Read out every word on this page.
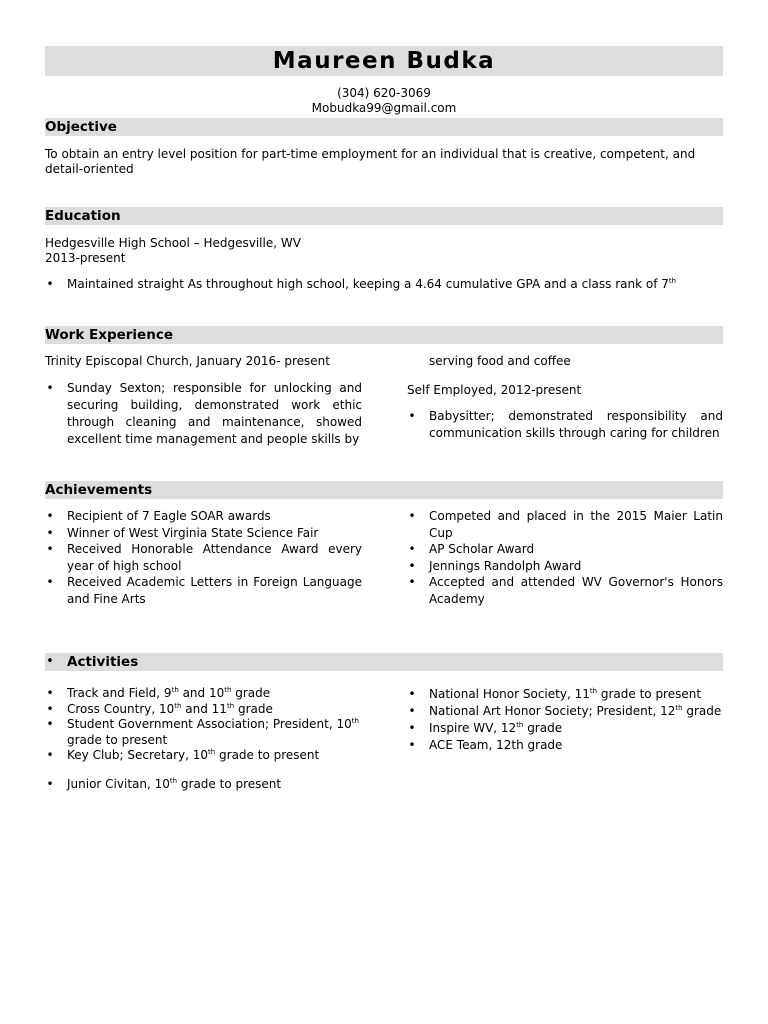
Maureen Budka
(304) 620-3069
Mobudka99@gmail.com
Objective
To obtain an entry level position for part-time employment for an individual that is creative, competent, and detail-oriented
Education
Hedgesville High School – Hedgesville, WV
2013-present
• Maintained straight As throughout high school, keeping a 4.64 cumulative GPA and a class rank of 7th
Work Experience
Trinity Episcopal Church, January 2016- present
• Sunday Sexton; responsible for unlocking and securing building, demonstrated work ethic through cleaning and maintenance, showed excellent time management and people skills by
serving food and coffee
Self Employed, 2012-present
• Babysitter; demonstrated responsibility and communication skills through caring for children
Achievements
• Recipient of 7 Eagle SOAR awards
• Winner of West Virginia State Science Fair
• Received Honorable Attendance Award every year of high school
• Received Academic Letters in Foreign Language and Fine Arts
• Competed and placed in the 2015 Maier Latin Cup
• AP Scholar Award
• Jennings Randolph Award
• Accepted and attended WV Governor's Honors Academy
• Activities
• Track and Field, 9th and 10th grade
• Cross Country, 10th and 11th grade
• Student Government Association; President, 10th grade to present
• Key Club; Secretary, 10th grade to present
• Junior Civitan, 10th grade to present
• National Honor Society, 11th grade to present
• National Art Honor Society; President, 12th grade
• Inspire WV, 12th grade
• ACE Team, 12th grade
